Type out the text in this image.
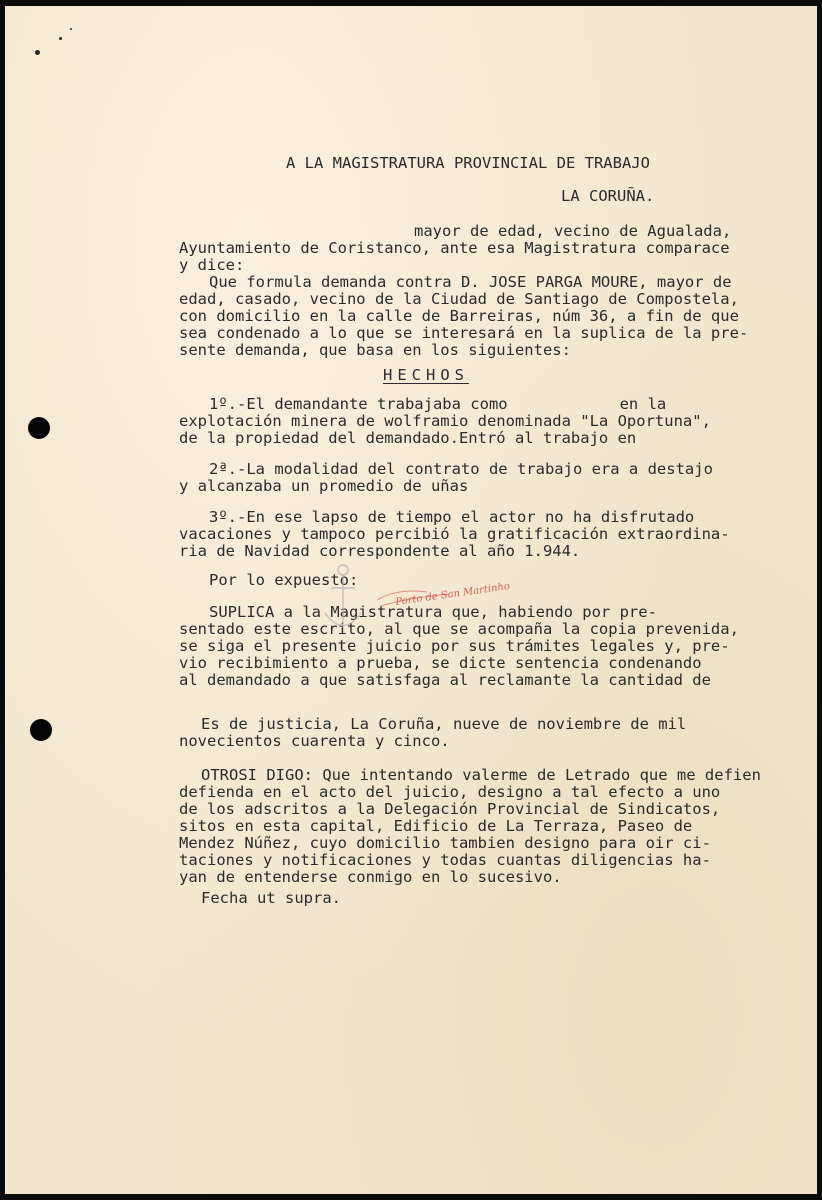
A LA MAGISTRATURA PROVINCIAL DE TRABAJO

LA CORUÑA.

mayor de edad, vecino de Agualada,

Ayuntamiento de Coristanco, ante esa Magistratura comparace

y dice:

Que formula demanda contra D. JOSE PARGA MOURE, mayor de

edad, casado, vecino de la Ciudad de Santiago de Compostela,

con domicilio en la calle de Barreiras, núm 36, a fin de que

sea condenado a lo que se interesará en la suplica de la pre-

sente demanda, que basa en los siguientes:

HECHOS

1º.-El demandante trabajaba como            en la

explotación minera de wolframio denominada "La Oportuna",

de la propiedad del demandado.Entró al trabajo en

2ª.-La modalidad del contrato de trabajo era a destajo

y alcanzaba un promedio de uñas

3º.-En ese lapso de tiempo el actor no ha disfrutado

vacaciones y tampoco percibió la gratificación extraordina-

ria de Navidad correspondente al año 1.944.

Por lo expuesto:

SUPLICA a la Magistratura que, habiendo por pre-

sentado este escrito, al que se acompaña la copia prevenida,

se siga el presente juicio por sus trámites legales y, pre-

vio recibimiento a prueba, se dicte sentencia condenando

al demandado a que satisfaga al reclamante la cantidad de

Es de justicia, La Coruña, nueve de noviembre de mil

novecientos cuarenta y cinco.

OTROSI DIGO: Que intentando valerme de Letrado que me defien

defienda en el acto del juicio, designo a tal efecto a uno

de los adscritos a la Delegación Provincial de Sindicatos,

sitos en esta capital, Edificio de La Terraza, Paseo de

Mendez Núñez, cuyo domicilio tambien designo para oir ci-

taciones y notificaciones y todas cuantas diligencias ha-

yan de entenderse conmigo en lo sucesivo.

Fecha ut supra.

Porto de San Martinho
